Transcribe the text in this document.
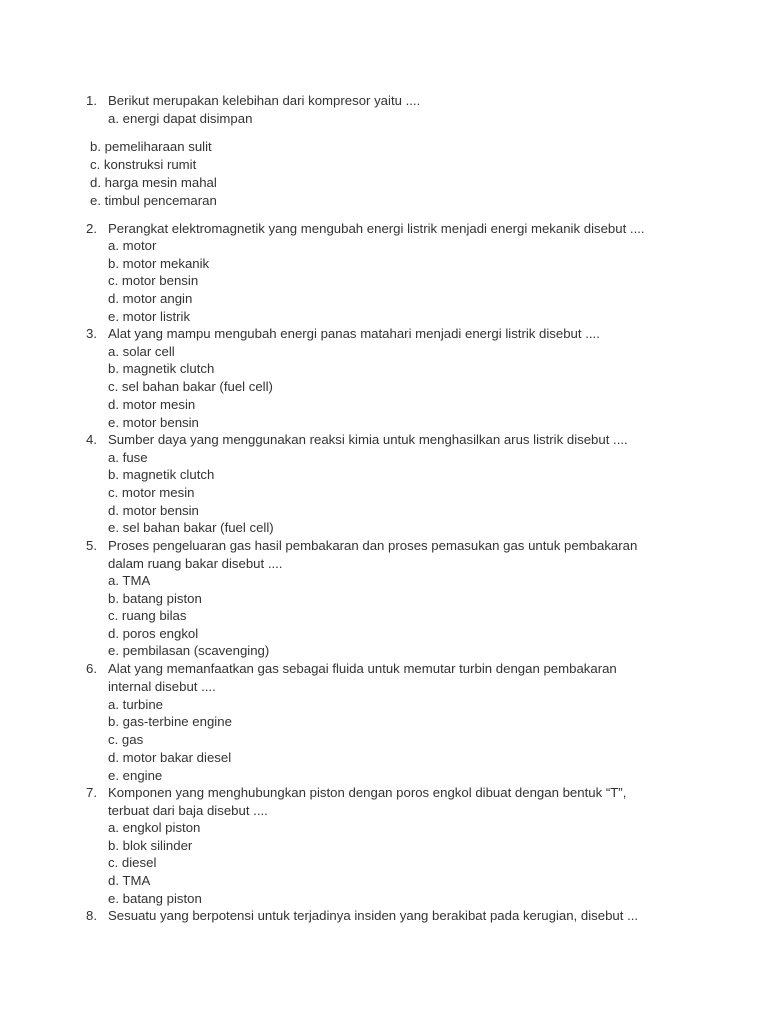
1. Berikut merupakan kelebihan dari kompresor yaitu ....
a. energi dapat disimpan
b. pemeliharaan sulit
c. konstruksi rumit
d. harga mesin mahal
e. timbul pencemaran
2. Perangkat elektromagnetik yang mengubah energi listrik menjadi energi mekanik disebut ....
a. motor
b. motor mekanik
c. motor bensin
d. motor angin
e. motor listrik
3. Alat yang mampu mengubah energi panas matahari menjadi energi listrik disebut ....
a. solar cell
b. magnetik clutch
c. sel bahan bakar (fuel cell)
d. motor mesin
e. motor bensin
4. Sumber daya yang menggunakan reaksi kimia untuk menghasilkan arus listrik disebut ....
a. fuse
b. magnetik clutch
c. motor mesin
d. motor bensin
e. sel bahan bakar (fuel cell)
5. Proses pengeluaran gas hasil pembakaran dan proses pemasukan gas untuk pembakaran
dalam ruang bakar disebut ....
a. TMA
b. batang piston
c. ruang bilas
d. poros engkol
e. pembilasan (scavenging)
6. Alat yang memanfaatkan gas sebagai fluida untuk memutar turbin dengan pembakaran
internal disebut ....
a. turbine
b. gas-terbine engine
c. gas
d. motor bakar diesel
e. engine
7. Komponen yang menghubungkan piston dengan poros engkol dibuat dengan bentuk “T”,
terbuat dari baja disebut ....
a. engkol piston
b. blok silinder
c. diesel
d. TMA
e. batang piston
8. Sesuatu yang berpotensi untuk terjadinya insiden yang berakibat pada kerugian, disebut ...
